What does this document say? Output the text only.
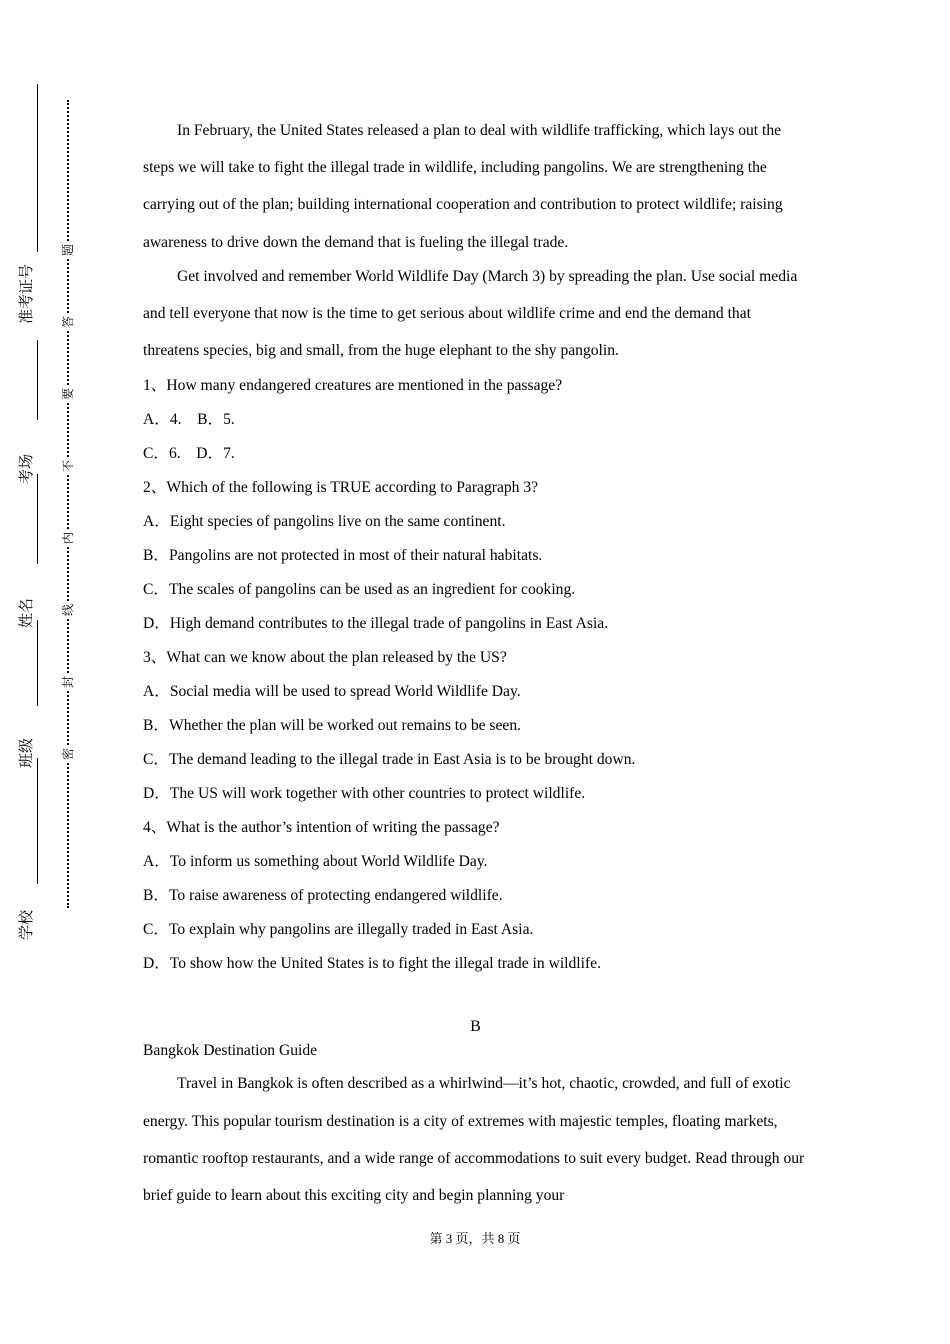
准考证号
考场
姓名
班级
学校
题
答
要
不
内
线
封
密

In February, the United States released a plan to deal with wildlife trafficking, which lays out the steps we will take to fight the illegal trade in wildlife, including pangolins. We are strengthening the carrying out of the plan; building international cooperation and contribution to protect wildlife; raising awareness to drive down the demand that is fueling the illegal trade.

Get involved and remember World Wildlife Day (March 3) by spreading the plan. Use social media and tell everyone that now is the time to get serious about wildlife crime and end the demand that threatens species, big and small, from the huge elephant to the shy pangolin.

1、How many endangered creatures are mentioned in the passage?

A．4.　B．5.

C．6.　D．7.

2、Which of the following is TRUE according to Paragraph 3?

A．Eight species of pangolins live on the same continent.

B．Pangolins are not protected in most of their natural habitats.

C．The scales of pangolins can be used as an ingredient for cooking.

D．High demand contributes to the illegal trade of pangolins in East Asia.

3、What can we know about the plan released by the US?

A．Social media will be used to spread World Wildlife Day.

B．Whether the plan will be worked out remains to be seen.

C．The demand leading to the illegal trade in East Asia is to be brought down.

D．The US will work together with other countries to protect wildlife.

4、What is the author’s intention of writing the passage?

A．To inform us something about World Wildlife Day.

B．To raise awareness of protecting endangered wildlife.

C．To explain why pangolins are illegally traded in East Asia.

D．To show how the United States is to fight the illegal trade in wildlife.

B

Bangkok Destination Guide

Travel in Bangkok is often described as a whirlwind—it’s hot, chaotic, crowded, and full of exotic energy. This popular tourism destination is a city of extremes with majestic temples, floating markets, romantic rooftop restaurants, and a wide range of accommodations to suit every budget. Read through our brief guide to learn about this exciting city and begin planning your

第 3 页，共 8 页
